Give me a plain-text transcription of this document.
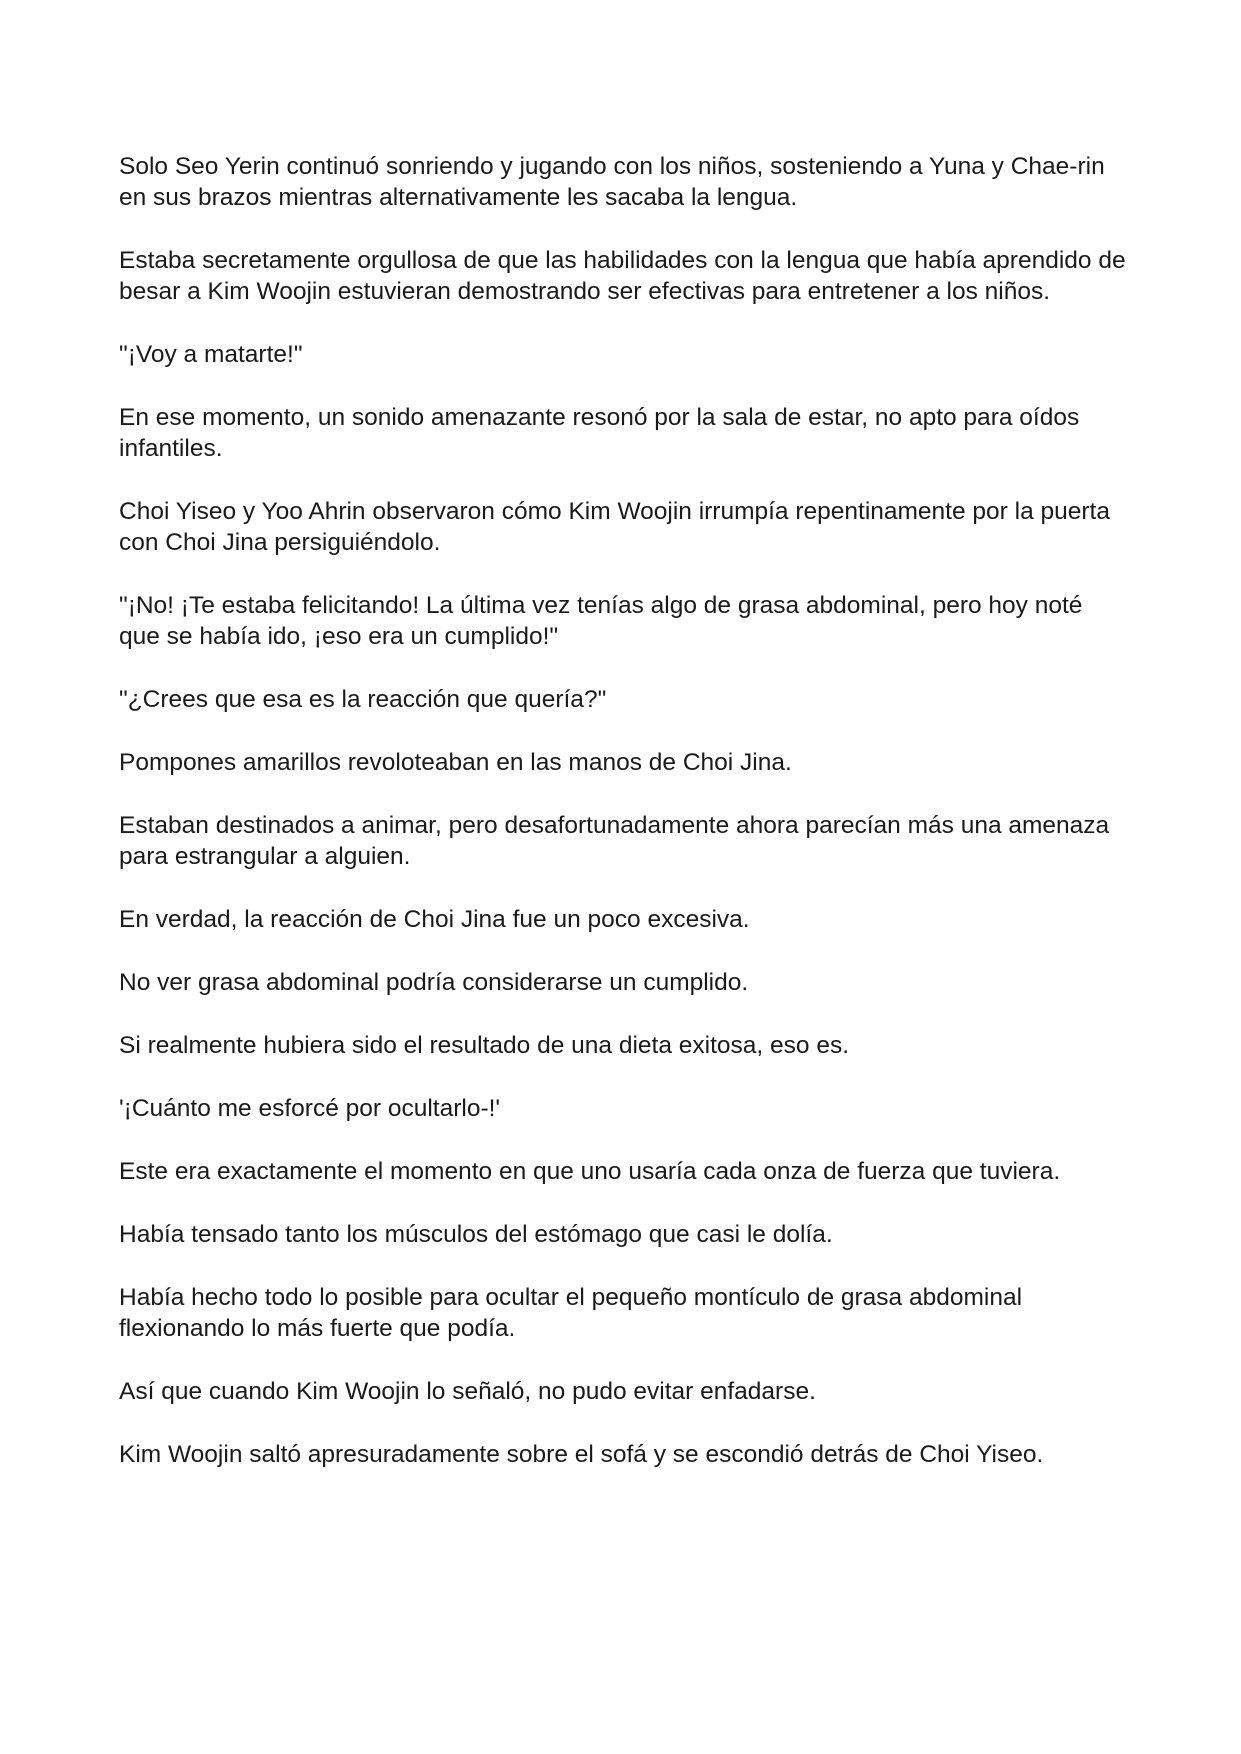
Solo Seo Yerin continuó sonriendo y jugando con los niños, sosteniendo a Yuna y Chae-rin en sus brazos mientras alternativamente les sacaba la lengua.

Estaba secretamente orgullosa de que las habilidades con la lengua que había aprendido de besar a Kim Woojin estuvieran demostrando ser efectivas para entretener a los niños.

"¡Voy a matarte!"

En ese momento, un sonido amenazante resonó por la sala de estar, no apto para oídos infantiles.

Choi Yiseo y Yoo Ahrin observaron cómo Kim Woojin irrumpía repentinamente por la puerta con Choi Jina persiguiéndolo.

"¡No! ¡Te estaba felicitando! La última vez tenías algo de grasa abdominal, pero hoy noté que se había ido, ¡eso era un cumplido!"

"¿Crees que esa es la reacción que quería?"

Pompones amarillos revoloteaban en las manos de Choi Jina.

Estaban destinados a animar, pero desafortunadamente ahora parecían más una amenaza para estrangular a alguien.

En verdad, la reacción de Choi Jina fue un poco excesiva.

No ver grasa abdominal podría considerarse un cumplido.

Si realmente hubiera sido el resultado de una dieta exitosa, eso es.

'¡Cuánto me esforcé por ocultarlo-!'

Este era exactamente el momento en que uno usaría cada onza de fuerza que tuviera.

Había tensado tanto los músculos del estómago que casi le dolía.

Había hecho todo lo posible para ocultar el pequeño montículo de grasa abdominal flexionando lo más fuerte que podía.

Así que cuando Kim Woojin lo señaló, no pudo evitar enfadarse.

Kim Woojin saltó apresuradamente sobre el sofá y se escondió detrás de Choi Yiseo.
